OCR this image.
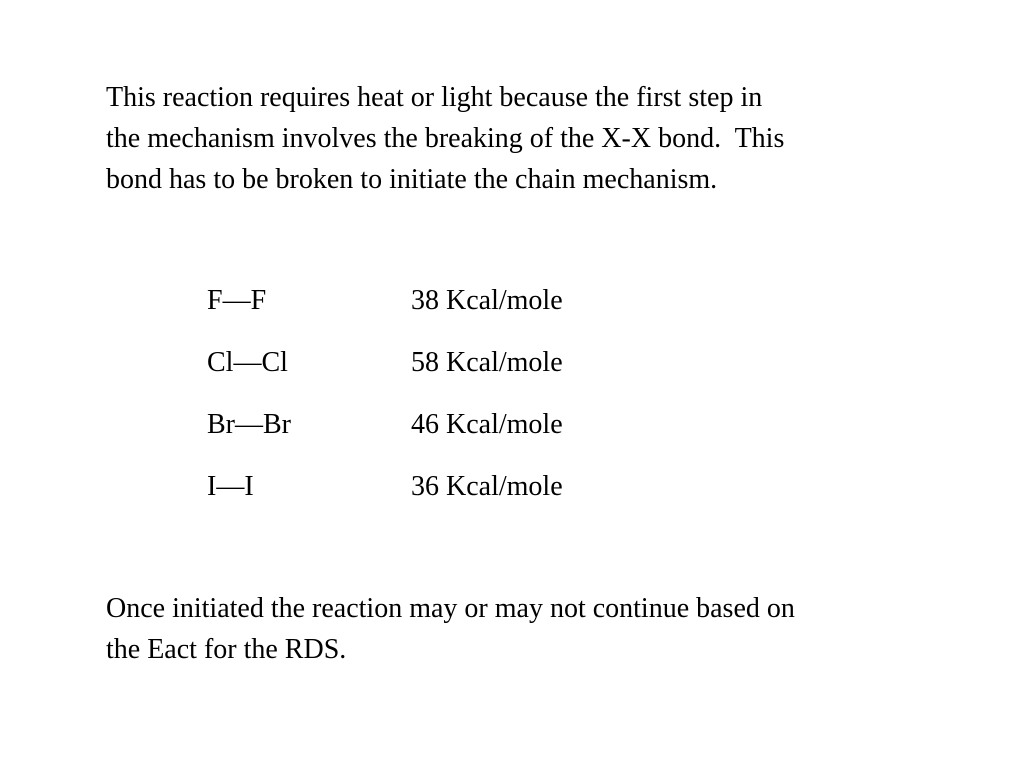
This reaction requires heat or light because the first step in
the mechanism involves the breaking of the X-X bond.  This
bond has to be broken to initiate the chain mechanism.

F—F	38 Kcal/mole
Cl—Cl	58 Kcal/mole
Br—Br	46 Kcal/mole
I—I	36 Kcal/mole

Once initiated the reaction may or may not continue based on
the Eact for the RDS.
